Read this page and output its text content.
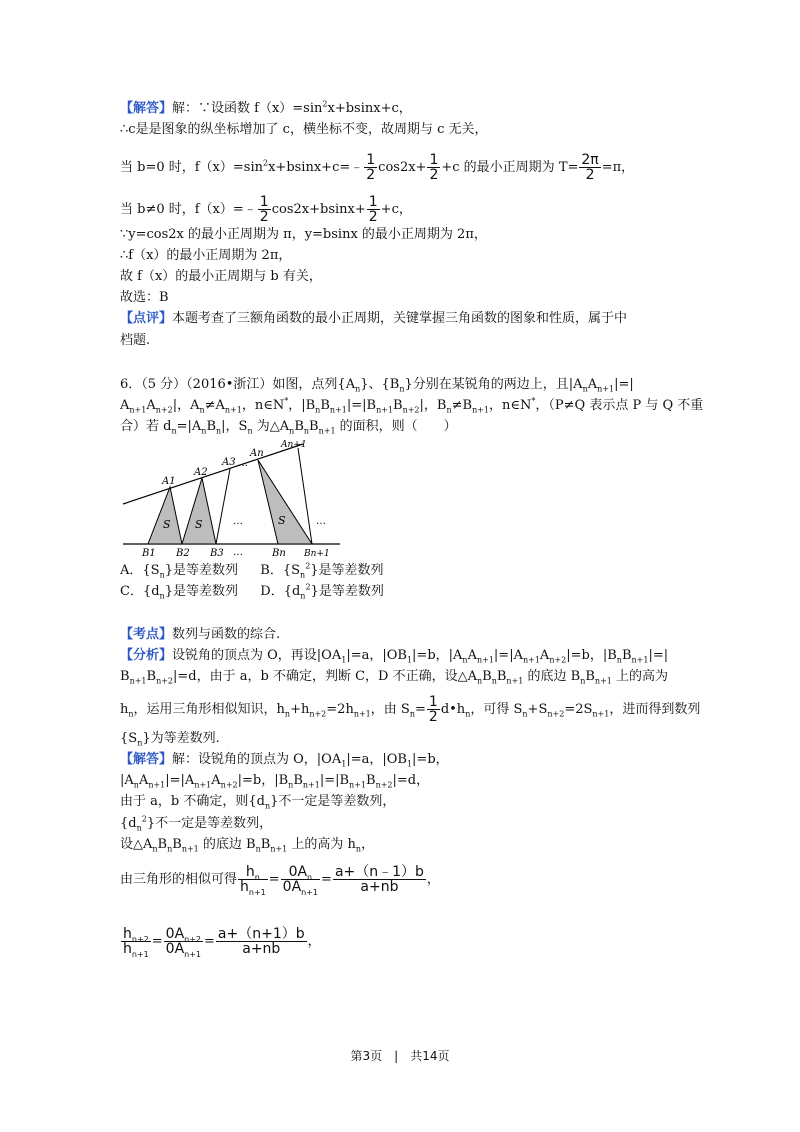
【解答】解：∵设函数 $f(x)=\sin^2x+bsinx+c$，
∴c是是图象的纵坐标增加了 c，横坐标不变，故周期与 c 无关，
当 b=0 时，$f(x)=\sin^2x+bsinx+c=﹣ \frac{1}{2} \cos 2x+ \frac{1}{2} +c$ 的最小正周期为 $T= \frac{2\pi}{2} =\pi$，
当 b≠0 时，f（x）=﹣ $\frac{1}{2} \cos 2x+bsinx+ \frac{1}{2} +c$，
∵y=cos2x 的最小正周期为 π，y=bsinx 的最小正周期为 2π，
∴f（x）的最小正周期为 2π，
故 f（x）的最小正周期与 b 有关，
故选：B
【点评】本题考查了三额角函数的最小正周期，关键掌握三角函数的图象和性质，属于中
档题.
6．（5 分）（2016•浙江）如图，点列$\{A_n\}$、$\{B_n\}$分别在某锐角的两边上，且$|A_nA_{n+1}|=|$
$A_{n+1}A_{n+2}|$，$A_n\ne A_{n+1}$，n∈N*，$|B_nB_{n+1}|=|B_{n+1}B_{n+2}|$，$B_n\ne B_{n+1}$，n∈N*，（P≠Q 表示点 P 与 Q 不重
合）若 $d_n=|A_nB_n|$，$S_n$ 为$\triangle A_nB_nB_{n+1}$ 的面积，则（　　）
S S	S
…	…
…
…
A1
A2
A3
An
An+1
B1 B2 B3	Bn Bn+1
A．$\{S_n\}$是等差数列 B．$\{S_n^2\}$是等差数列
C．$\{d_n\}$是等差数列 D．$\{d_n^2\}$是等差数列
【考点】数列与函数的综合.
【分析】设锐角的顶点为 O，再设$|OA_1|=a$，$|OB_1|=b$，$|A_nA_{n+1}|=|A_{n+1}A_{n+2}|=b$，$|B_nB_{n+1}|=|$
$B_{n+1}B_{n+2}|=d$，由于 a，b 不确定，判断 C，D 不正确，设$\triangle A_nB_nB_{n+1}$ 的底边 $B_nB_{n+1}$ 上的高为
$h_n$，运用三角形相似知识，$h_n+h_{n+2}=2h_{n+1}$，由 $S_n= \frac{1}{2}$ $d•h_n$，可得 $S_n+S_{n+2}=2S_{n+1}$，进而得到数列
$\{S_n\}$为等差数列.
【解答】解：设锐角的顶点为 O，$|OA_1|=a$，$|OB_1|=b$，
$|A_nA_{n+1}|=|A_{n+1}A_{n+2}|=b$，$|B_nB_{n+1}|=|B_{n+1}B_{n+2}|=d$，
由于 a，b 不确定，则$\{d_n\}$不一定是等差数列，
$\{d_n^2\}$不一定是等差数列，
设$\triangle A_nB_nB_{n+1}$ 的底边 $B_nB_{n+1}$ 上的高为 $h_n$，
由三角形的相似可得 $\frac{h_n}{h_{n+1}} = \frac{0A_n}{0A_{n+1}} = \frac{a+(n﹣1)b}{a+nb}$ ，
$\frac{h_{n+2}}{h_{n+1}} = \frac{0A_{n+2}}{0A_{n+1}} = \frac{a+(n+1)b}{a+nb}$ ，
第3页　|　共14页
